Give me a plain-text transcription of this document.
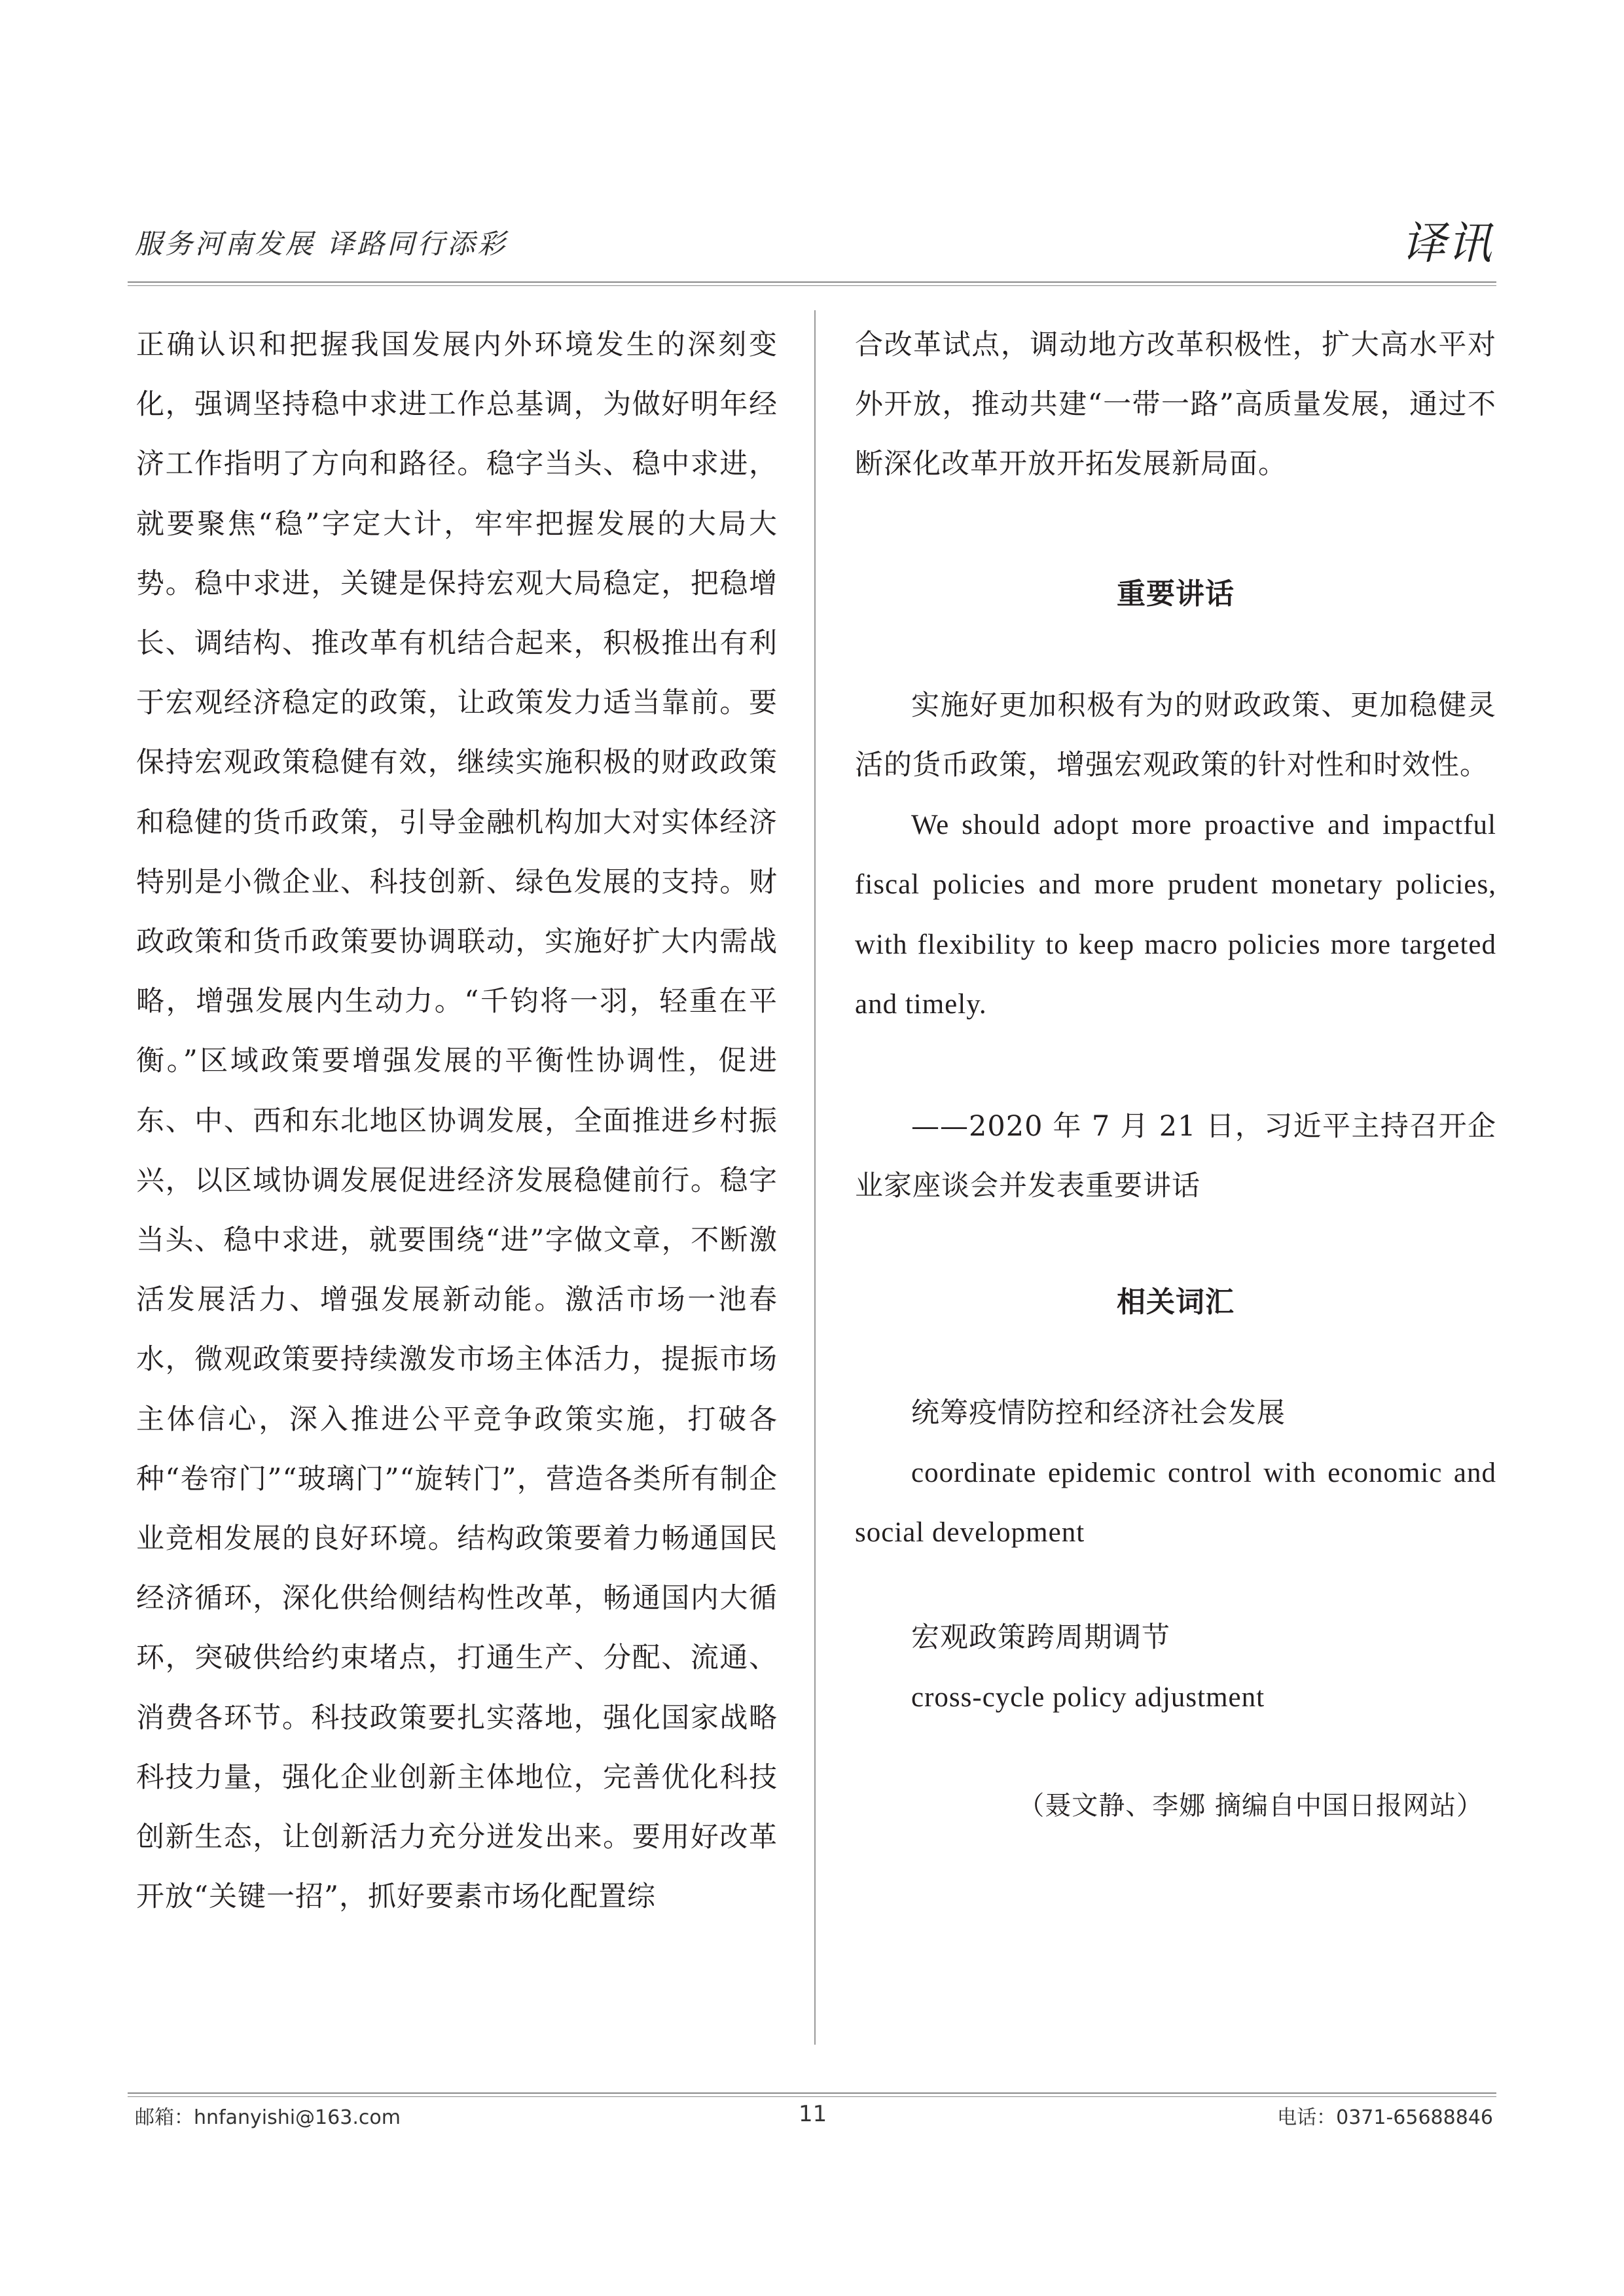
服务河南发展 译路同行添彩	译讯
正确认识和把握我国发展内外环境发生的深刻变化，强调坚持稳中求进工作总基调，为做好明年经济工作指明了方向和路径。稳字当头、稳中求进，就要聚焦“稳”字定大计，牢牢把握发展的大局大势。稳中求进，关键是保持宏观大局稳定，把稳增长、调结构、推改革有机结合起来，积极推出有利于宏观经济稳定的政策，让政策发力适当靠前。要保持宏观政策稳健有效，继续实施积极的财政政策和稳健的货币政策，引导金融机构加大对实体经济特别是小微企业、科技创新、绿色发展的支持。财政政策和货币政策要协调联动，实施好扩大内需战略，增强发展内生动力。“千钧将一羽，轻重在平衡。”区域政策要增强发展的平衡性协调性，促进东、中、西和东北地区协调发展，全面推进乡村振兴，以区域协调发展促进经济发展稳健前行。稳字当头、稳中求进，就要围绕“进”字做文章，不断激活发展活力、增强发展新动能。激活市场一池春水，微观政策要持续激发市场主体活力，提振市场主体信心，深入推进公平竞争政策实施，打破各种“卷帘门”“玻璃门”“旋转门”，营造各类所有制企业竞相发展的良好环境。结构政策要着力畅通国民经济循环，深化供给侧结构性改革，畅通国内大循环，突破供给约束堵点，打通生产、分配、流通、消费各环节。科技政策要扎实落地，强化国家战略科技力量，强化企业创新主体地位，完善优化科技创新生态，让创新活力充分迸发出来。要用好改革开放“关键一招”，抓好要素市场化配置综

合改革试点，调动地方改革积极性，扩大高水平对外开放，推动共建“一带一路”高质量发展，通过不断深化改革开放开拓发展新局面。

重要讲话

实施好更加积极有为的财政政策、更加稳健灵活的货币政策，增强宏观政策的针对性和时效性。

We should adopt more proactive and impactful fiscal policies and more prudent monetary policies, with flexibility to keep macro policies more targeted and timely.

——2020 年 7 月 21 日，习近平主持召开企业家座谈会并发表重要讲话

相关词汇

统筹疫情防控和经济社会发展

coordinate epidemic control with economic and social development

宏观政策跨周期调节

cross-cycle policy adjustment

（聂文静、李娜 摘编自中国日报网站）

邮箱：hnfanyishi@163.com	11	电话：0371-65688846
